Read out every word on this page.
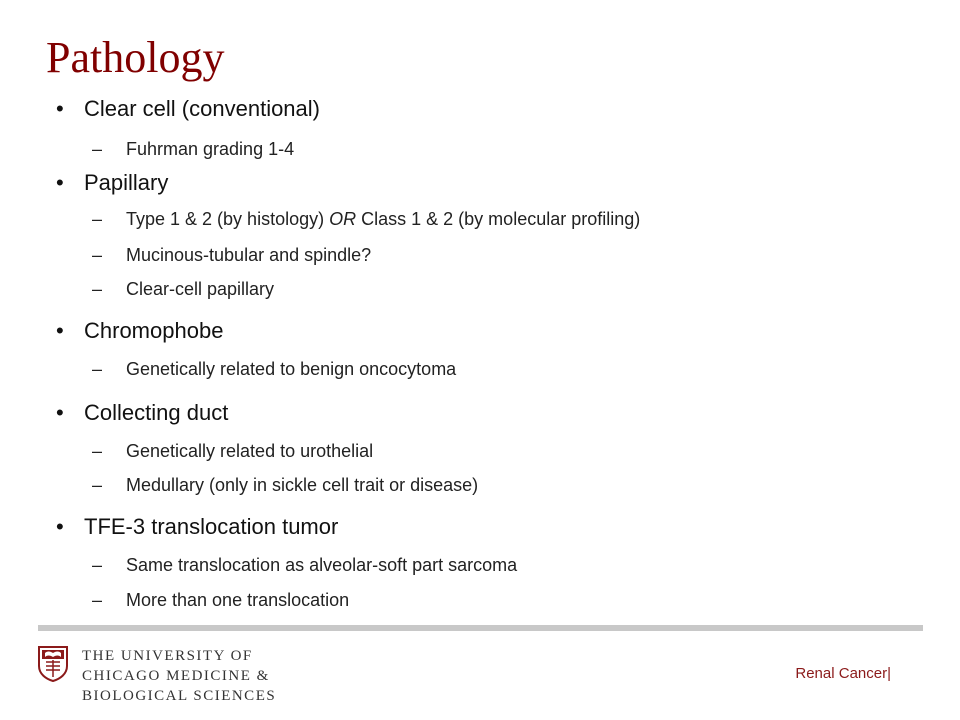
Pathology
• Clear cell (conventional)
– Fuhrman grading 1-4
• Papillary
– Type 1 & 2 (by histology) OR Class 1 & 2 (by molecular profiling)
– Mucinous-tubular and spindle?
– Clear-cell papillary
• Chromophobe
– Genetically related to benign oncocytoma
• Collecting duct
– Genetically related to urothelial
– Medullary (only in sickle cell trait or disease)
• TFE-3 translocation tumor
– Same translocation as alveolar-soft part sarcoma
– More than one translocation
THE UNIVERSITY OF
CHICAGO MEDICINE &
BIOLOGICAL SCIENCES
Renal Cancer|
